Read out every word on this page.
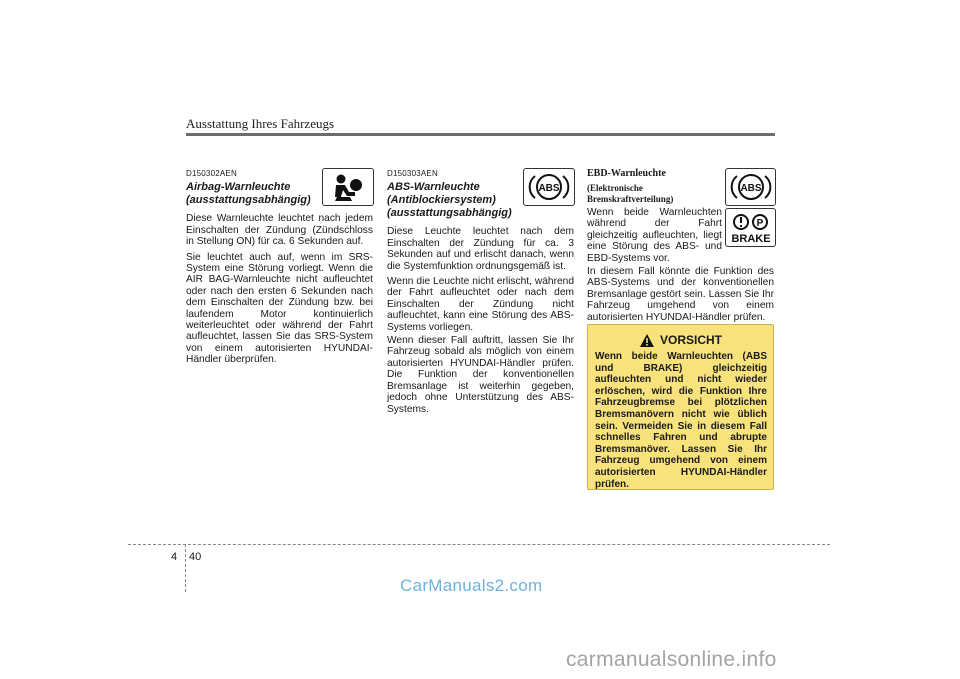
Ausstattung Ihres Fahrzeugs
D150302AEN
Airbag-Warnleuchte
(ausstattungsabhängig)
Diese Warnleuchte leuchtet nach jedem Einschalten der Zündung (Zündschloss in Stellung ON) für ca. 6 Sekunden auf.
Sie leuchtet auch auf, wenn im SRS-System eine Störung vorliegt. Wenn die AIR BAG-Warnleuchte nicht aufleuchtet oder nach den ersten 6 Sekunden nach dem Einschalten der Zündung bzw. bei laufendem Motor kontinuierlich weiterleuchtet oder während der Fahrt aufleuchtet, lassen Sie das SRS-System von einem autorisierten HYUNDAI-Händler überprüfen.
D150303AEN
ABS-Warnleuchte
(Antiblockiersystem)
(ausstattungsabhängig)
Diese Leuchte leuchtet nach dem Einschalten der Zündung für ca. 3 Sekunden auf und erlischt danach, wenn die Systemfunktion ordnungsgemäß ist.
Wenn die Leuchte nicht erlischt, während der Fahrt aufleuchtet oder nach dem Einschalten der Zündung nicht aufleuchtet, kann eine Störung des ABS-Systems vorliegen.
Wenn dieser Fall auftritt, lassen Sie Ihr Fahrzeug sobald als möglich von einem autorisierten HYUNDAI-Händler prüfen. Die Funktion der konventionellen Bremsanlage ist weiterhin gegeben, jedoch ohne Unterstützung des ABS-Systems.
ABS
EBD-Warnleuchte
(Elektronische
Bremskraftverteilung)
Wenn beide Warnleuchten während der Fahrt gleichzeitig aufleuchten, liegt eine Störung des ABS- und EBD-Systems vor.
In diesem Fall könnte die Funktion des ABS-Systems und der konventionellen Bremsanlage gestört sein. Lassen Sie Ihr Fahrzeug umgehend von einem autorisierten HYUNDAI-Händler prüfen.
ABS
P
BRAKE
VORSICHT
Wenn beide Warnleuchten (ABS und BRAKE) gleichzeitig aufleuchten und nicht wieder erlöschen, wird die Funktion Ihre Fahrzeugbremse bei plötzlichen Bremsmanövern nicht wie üblich sein. Vermeiden Sie in diesem Fall schnelles Fahren und abrupte Bremsmanöver. Lassen Sie Ihr Fahrzeug umgehend von einem autorisierten HYUNDAI-Händler prüfen.
4 40
CarManuals2.com
carmanualsonline.info
